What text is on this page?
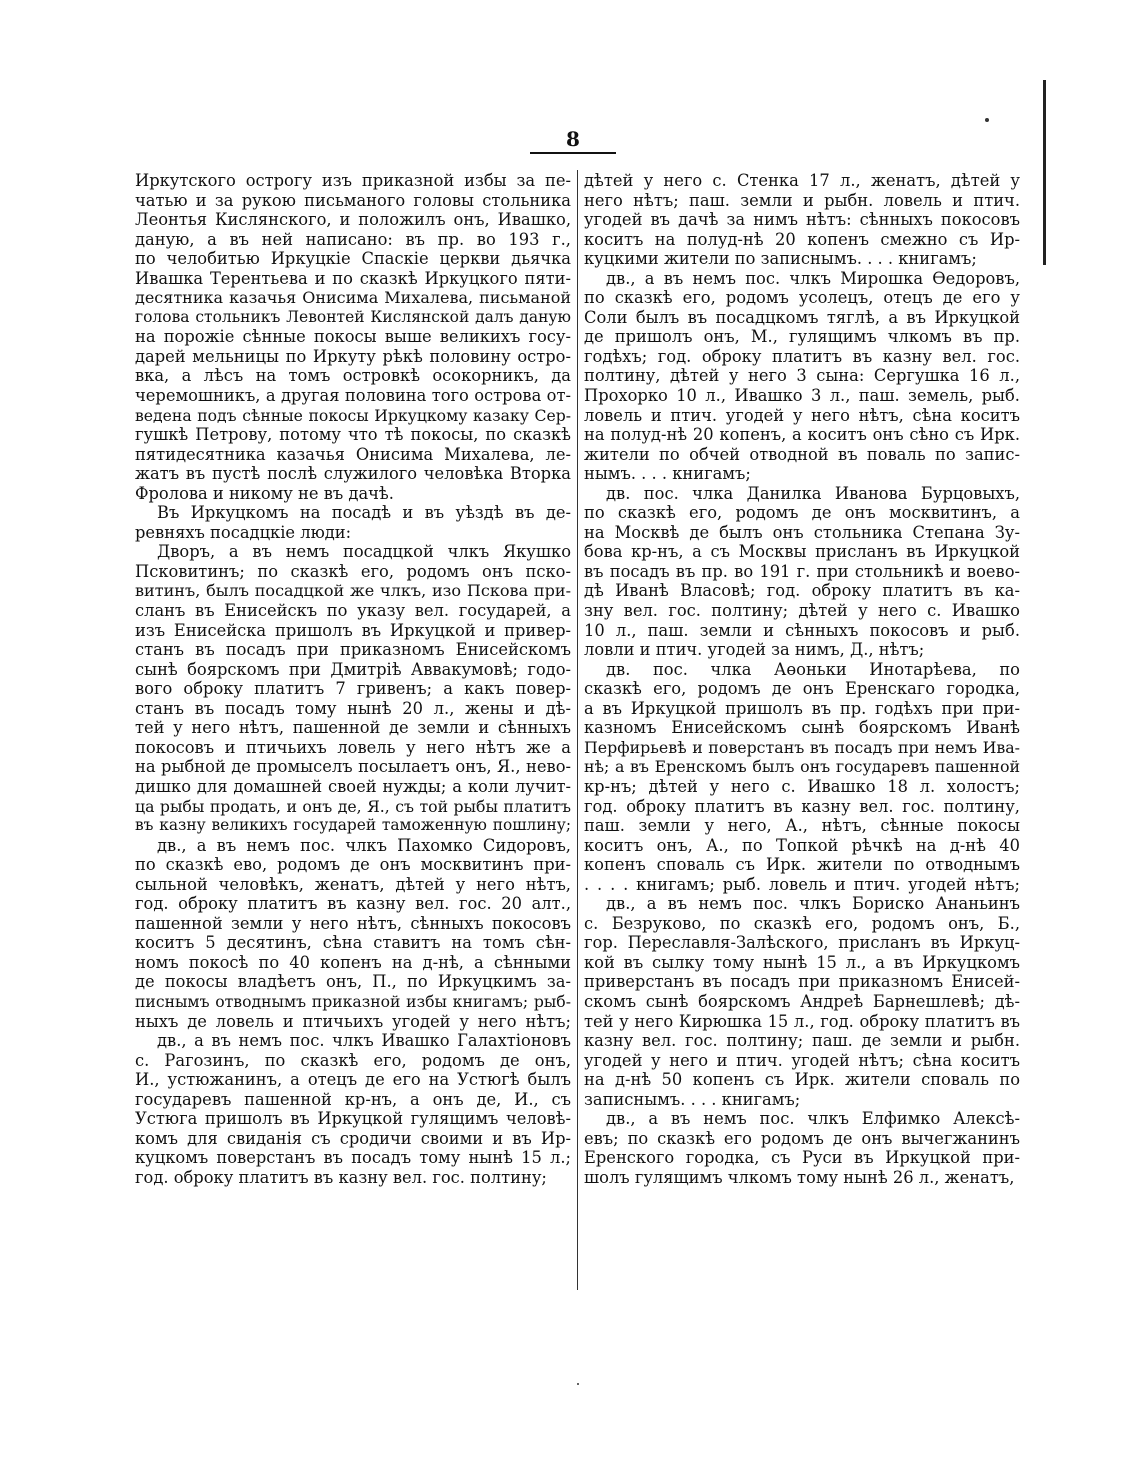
8
Иркутского острогу изъ приказной избы за пе-
чатью и за рукою письманого головы стольника
Леонтья Кислянского, и положилъ онъ, Ивашко,
даную, а въ ней написано: въ пр. во 193 г.,
по челобитью Иркуцкіе Спаскіе церкви дьячка
Ивашка Терентьева и по сказкѣ Иркуцкого пяти-
десятника казачья Онисима Михалева, письманой
голова стольникъ Левонтей Кислянской далъ даную
на порожіе сѣнные покосы выше великихъ госу-
дарей мельницы по Иркуту рѣкѣ половину остро-
вка, а лѣсъ на томъ островкѣ осокорникъ, да
черемошникъ, а другая половина того острова от-
ведена подъ сѣнные покосы Иркуцкому казаку Сер-
гушкѣ Петрову, потому что тѣ покосы, по сказкѣ
пятидесятника казачья Онисима Михалева, ле-
жатъ въ пустѣ послѣ служилого человѣка Вторка
Фролова и никому не въ дачѣ.
Въ Иркуцкомъ на посадѣ и въ уѣздѣ въ де-
ревняхъ посадцкіе люди:
Дворъ, а въ немъ посадцкой члкъ Якушко
Псковитинъ; по сказкѣ его, родомъ онъ пско-
витинъ, былъ посадцкой же члкъ, изо Пскова при-
сланъ въ Енисейскъ по указу вел. государей, а
изъ Енисейска пришолъ въ Иркуцкой и привер-
станъ въ посадъ при приказномъ Енисейскомъ
сынѣ боярскомъ при Дмитріѣ Аввакумовѣ; годо-
вого оброку платитъ 7 гривенъ; а какъ повер-
станъ въ посадъ тому нынѣ 20 л., жены и дѣ-
тей у него нѣтъ, пашенной де земли и сѣнныхъ
покосовъ и птичьихъ ловель у него нѣтъ же а
на рыбной де промыселъ посылаетъ онъ, Я., нево-
дишко для домашней своей нужды; а коли лучит-
ца рыбы продать, и онъ де, Я., съ той рыбы платитъ
въ казну великихъ государей таможенную пошлину;
дв., а въ немъ пос. члкъ Пахомко Сидоровъ,
по сказкѣ ево, родомъ де онъ москвитинъ при-
сыльной человѣкъ, женатъ, дѣтей у него нѣтъ,
год. оброку платитъ въ казну вел. гос. 20 алт.,
пашенной земли у него нѣтъ, сѣнныхъ покосовъ
коситъ 5 десятинъ, сѣна ставитъ на томъ сѣн-
номъ покосѣ по 40 копенъ на д-нѣ, а сѣнными
де покосы владѣетъ онъ, П., по Иркуцкимъ за-
писнымъ отводнымъ приказной избы книгамъ; рыб-
ныхъ де ловель и птичьихъ угодей у него нѣтъ;
дв., а въ немъ пос. члкъ Ивашко Галахтіоновъ
с. Рагозинъ, по сказкѣ его, родомъ де онъ,
И., устюжанинъ, а отецъ де его на Устюгѣ былъ
государевъ пашенной кр-нъ, а онъ де, И., съ
Устюга пришолъ въ Иркуцкой гулящимъ человѣ-
комъ для свиданія съ сродичи своими и въ Ир-
куцкомъ поверстанъ въ посадъ тому нынѣ 15 л.;
год. оброку платитъ въ казну вел. гос. полтину;
дѣтей у него с. Стенка 17 л., женатъ, дѣтей у
него нѣтъ; паш. земли и рыбн. ловель и птич.
угодей въ дачѣ за нимъ нѣтъ: сѣнныхъ покосовъ
коситъ на полуд-нѣ 20 копенъ смежно съ Ир-
куцкими жители по записнымъ. . . . книгамъ;
дв., а въ немъ пос. члкъ Мирошка Өедоровъ,
по сказкѣ его, родомъ усолецъ, отецъ де его у
Соли былъ въ посадцкомъ тяглѣ, а въ Иркуцкой
де пришолъ онъ, М., гулящимъ члкомъ въ пр.
годѣхъ; год. оброку платитъ въ казну вел. гос.
полтину, дѣтей у него 3 сына: Сергушка 16 л.,
Прохорко 10 л., Ивашко 3 л., паш. земель, рыб.
ловель и птич. угодей у него нѣтъ, сѣна коситъ
на полуд-нѣ 20 копенъ, а коситъ онъ сѣно съ Ирк.
жители по обчей отводной въ поваль по запис-
нымъ. . . . книгамъ;
дв. пос. члка Данилка Иванова Бурцовыхъ,
по сказкѣ его, родомъ де онъ москвитинъ, а
на Москвѣ де былъ онъ стольника Степана Зу-
бова кр-нъ, а съ Москвы присланъ въ Иркуцкой
въ посадъ въ пр. во 191 г. при стольникѣ и воево-
дѣ Иванѣ Власовѣ; год. оброку платитъ въ ка-
зну вел. гос. полтину; дѣтей у него с. Ивашко
10 л., паш. земли и сѣнныхъ покосовъ и рыб.
ловли и птич. угодей за нимъ, Д., нѣтъ;
дв. пос. члка Аөоньки Инотарѣева, по
сказкѣ его, родомъ де онъ Еренскаго городка,
а въ Иркуцкой пришолъ въ пр. годѣхъ при при-
казномъ Енисейскомъ сынѣ боярскомъ Иванѣ
Перфирьевѣ и поверстанъ въ посадъ при немъ Ива-
нѣ; а въ Еренскомъ былъ онъ государевъ пашенной
кр-нъ; дѣтей у него с. Ивашко 18 л. холостъ;
год. оброку платитъ въ казну вел. гос. полтину,
паш. земли у него, А., нѣтъ, сѣнные покосы
коситъ онъ, А., по Топкой рѣчкѣ на д-нѣ 40
копенъ споваль съ Ирк. жители по отводнымъ
. . . . книгамъ; рыб. ловель и птич. угодей нѣтъ;
дв., а въ немъ пос. члкъ Бориско Ананьинъ
с. Безруково, по сказкѣ его, родомъ онъ, Б.,
гор. Переславля-Залѣского, присланъ въ Иркуц-
кой въ сылку тому нынѣ 15 л., а въ Иркуцкомъ
приверстанъ въ посадъ при приказномъ Енисей-
скомъ сынѣ боярскомъ Андреѣ Барнешлевѣ; дѣ-
тей у него Кирюшка 15 л., год. оброку платитъ въ
казну вел. гос. полтину; паш. де земли и рыбн.
угодей у него и птич. угодей нѣтъ; сѣна коситъ
на д-нѣ 50 копенъ съ Ирк. жители споваль по
записнымъ. . . . книгамъ;
дв., а въ немъ пос. члкъ Елфимко Алексѣ-
евъ; по сказкѣ его родомъ де онъ вычегжанинъ
Еренского городка, съ Руси въ Иркуцкой при-
шолъ гулящимъ члкомъ тому нынѣ 26 л., женатъ,
